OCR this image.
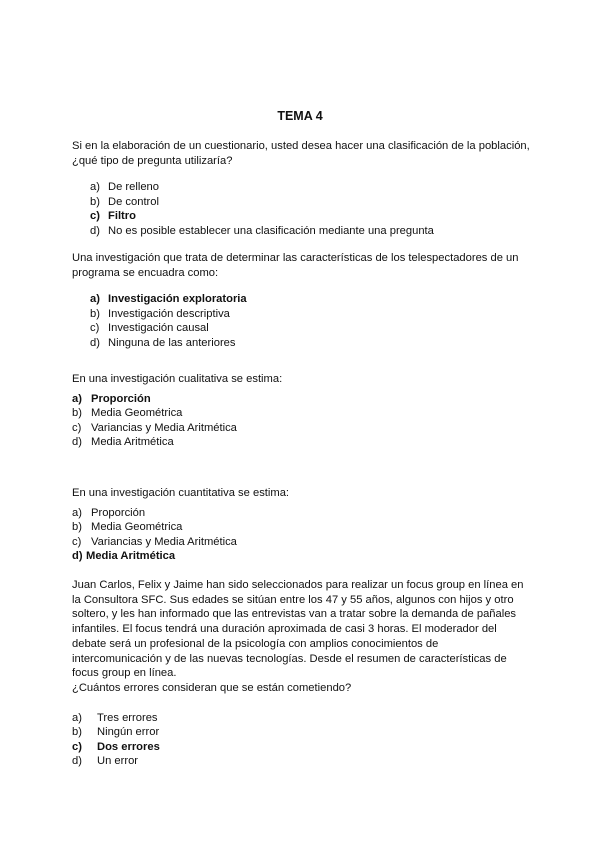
TEMA 4
Si en la elaboración de un cuestionario, usted desea hacer una clasificación de la población,
¿qué tipo de pregunta utilizaría?
a) De relleno
b) De control
c) Filtro
d) No es posible establecer una clasificación mediante una pregunta
Una investigación que trata de determinar las características de los telespectadores de un
programa se encuadra como:
a) Investigación exploratoria
b) Investigación descriptiva
c) Investigación causal
d) Ninguna de las anteriores
En una investigación cualitativa se estima:
a) Proporción
b) Media Geométrica
c) Variancias y Media Aritmética
d) Media Aritmética
En una investigación cuantitativa se estima:
a) Proporción
b) Media Geométrica
c) Variancias y Media Aritmética
d) Media Aritmética
Juan Carlos, Felix y Jaime han sido seleccionados para realizar un focus group en línea en
la Consultora SFC. Sus edades se sitúan entre los 47 y 55 años, algunos con hijos y otro
soltero, y les han informado que las entrevistas van a tratar sobre la demanda de pañales
infantiles. El focus tendrá una duración aproximada de casi 3 horas. El moderador del
debate será un profesional de la psicología con amplios conocimientos de
intercomunicación y de las nuevas tecnologías. Desde el resumen de características de
focus group en línea.
¿Cuántos errores consideran que se están cometiendo?
a) Tres errores
b) Ningún error
c) Dos errores
d) Un error
